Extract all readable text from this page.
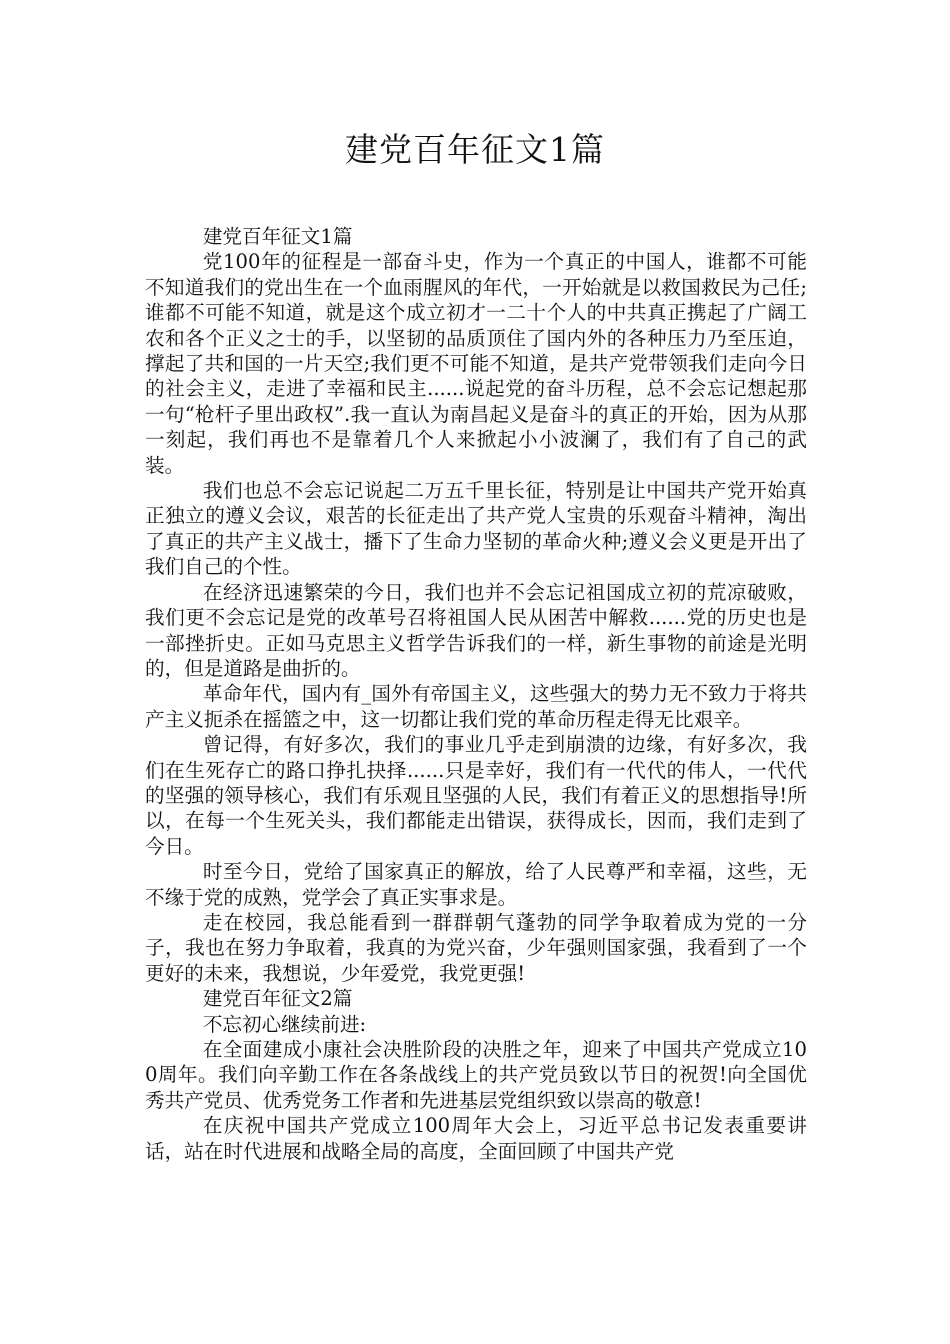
建党百年征文1篇

建党百年征文1篇

党100年的征程是一部奋斗史，作为一个真正的中国人，谁都不可能不知道我们的党出生在一个血雨腥风的年代，一开始就是以救国救民为己任;谁都不可能不知道，就是这个成立初才一二十个人的中共真正携起了广阔工农和各个正义之士的手，以坚韧的品质顶住了国内外的各种压力乃至压迫，撑起了共和国的一片天空;我们更不可能不知道，是共产党带领我们走向今日的社会主义，走进了幸福和民主......说起党的奋斗历程，总不会忘记想起那一句“枪杆子里出政权”.我一直认为南昌起义是奋斗的真正的开始，因为从那一刻起，我们再也不是靠着几个人来掀起小小波澜了，我们有了自己的武装。

我们也总不会忘记说起二万五千里长征，特别是让中国共产党开始真正独立的遵义会议，艰苦的长征走出了共产党人宝贵的乐观奋斗精神，淘出了真正的共产主义战士，播下了生命力坚韧的革命火种;遵义会义更是开出了我们自己的个性。

在经济迅速繁荣的今日，我们也并不会忘记祖国成立初的荒凉破败，我们更不会忘记是党的改革号召将祖国人民从困苦中解救......党的历史也是一部挫折史。正如马克思主义哲学告诉我们的一样，新生事物的前途是光明的，但是道路是曲折的。

革命年代，国内有_国外有帝国主义，这些强大的势力无不致力于将共产主义扼杀在摇篮之中，这一切都让我们党的革命历程走得无比艰辛。

曾记得，有好多次，我们的事业几乎走到崩溃的边缘，有好多次，我们在生死存亡的路口挣扎抉择......只是幸好，我们有一代代的伟人，一代代的坚强的领导核心，我们有乐观且坚强的人民，我们有着正义的思想指导!所以，在每一个生死关头，我们都能走出错误，获得成长，因而，我们走到了今日。

时至今日，党给了国家真正的解放，给了人民尊严和幸福，这些，无不缘于党的成熟，党学会了真正实事求是。

走在校园，我总能看到一群群朝气蓬勃的同学争取着成为党的一分子，我也在努力争取着，我真的为党兴奋，少年强则国家强，我看到了一个更好的未来，我想说，少年爱党，我党更强!

建党百年征文2篇

不忘初心继续前进:

在全面建成小康社会决胜阶段的决胜之年，迎来了中国共产党成立100周年。我们向辛勤工作在各条战线上的共产党员致以节日的祝贺!向全国优秀共产党员、优秀党务工作者和先进基层党组织致以崇高的敬意!

在庆祝中国共产党成立100周年大会上，习近平总书记发表重要讲话，站在时代进展和战略全局的高度，全面回顾了中国共产党
